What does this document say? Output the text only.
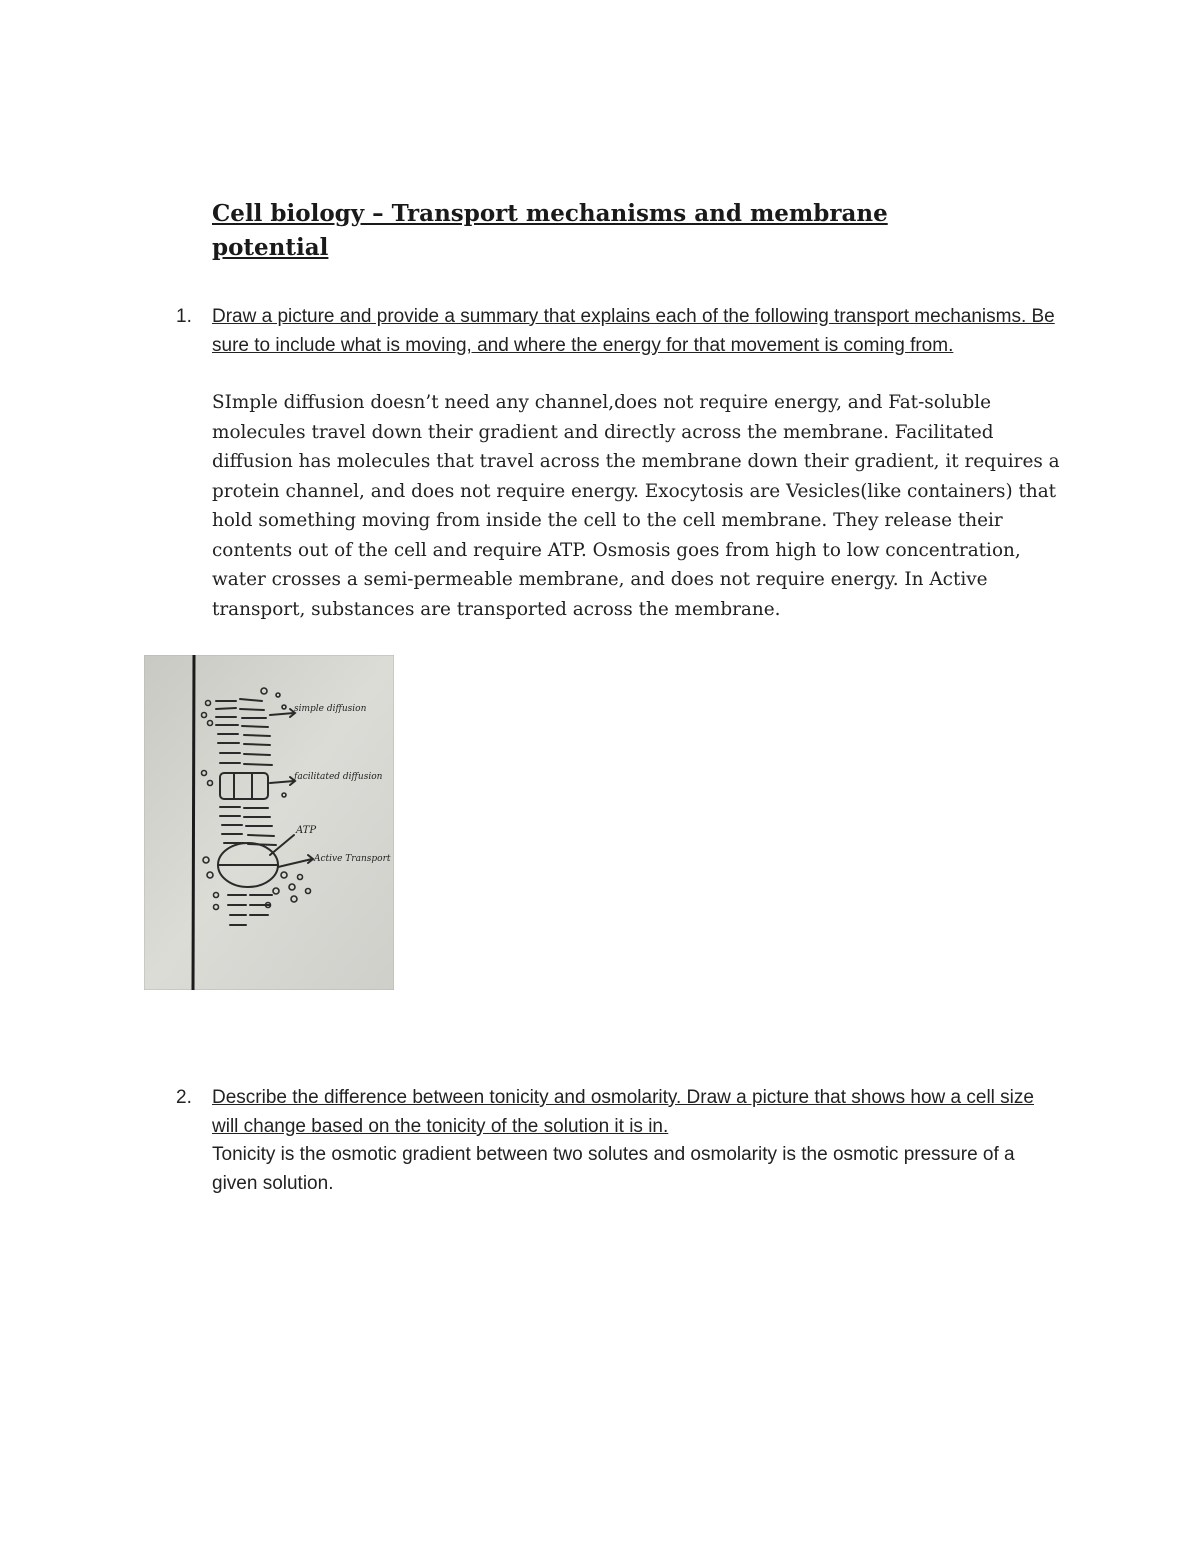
Cell biology – Transport mechanisms and membrane potential
1. Draw a picture and provide a summary that explains each of the following transport mechanisms. Be sure to include what is moving, and where the energy for that movement is coming from.

SImple diffusion doesn’t need any channel,does not require energy, and Fat-soluble molecules travel down their gradient and directly across the membrane. Facilitated diffusion has molecules that travel across the membrane down their gradient, it requires a protein channel, and does not require energy. Exocytosis are Vesicles(like containers) that hold something moving from inside the cell to the cell membrane. They release their contents out of the cell and require ATP. Osmosis goes from high to low concentration, water crosses a semi-permeable membrane, and does not require energy. In Active transport, substances are transported across the membrane.

simple diffusion
facilitated diffusion
ATP
Active Transport
2. Describe the difference between tonicity and osmolarity. Draw a picture that shows how a cell size will change based on the tonicity of the solution it is in.

Tonicity is the osmotic gradient between two solutes and osmolarity is the osmotic pressure of a given solution.
